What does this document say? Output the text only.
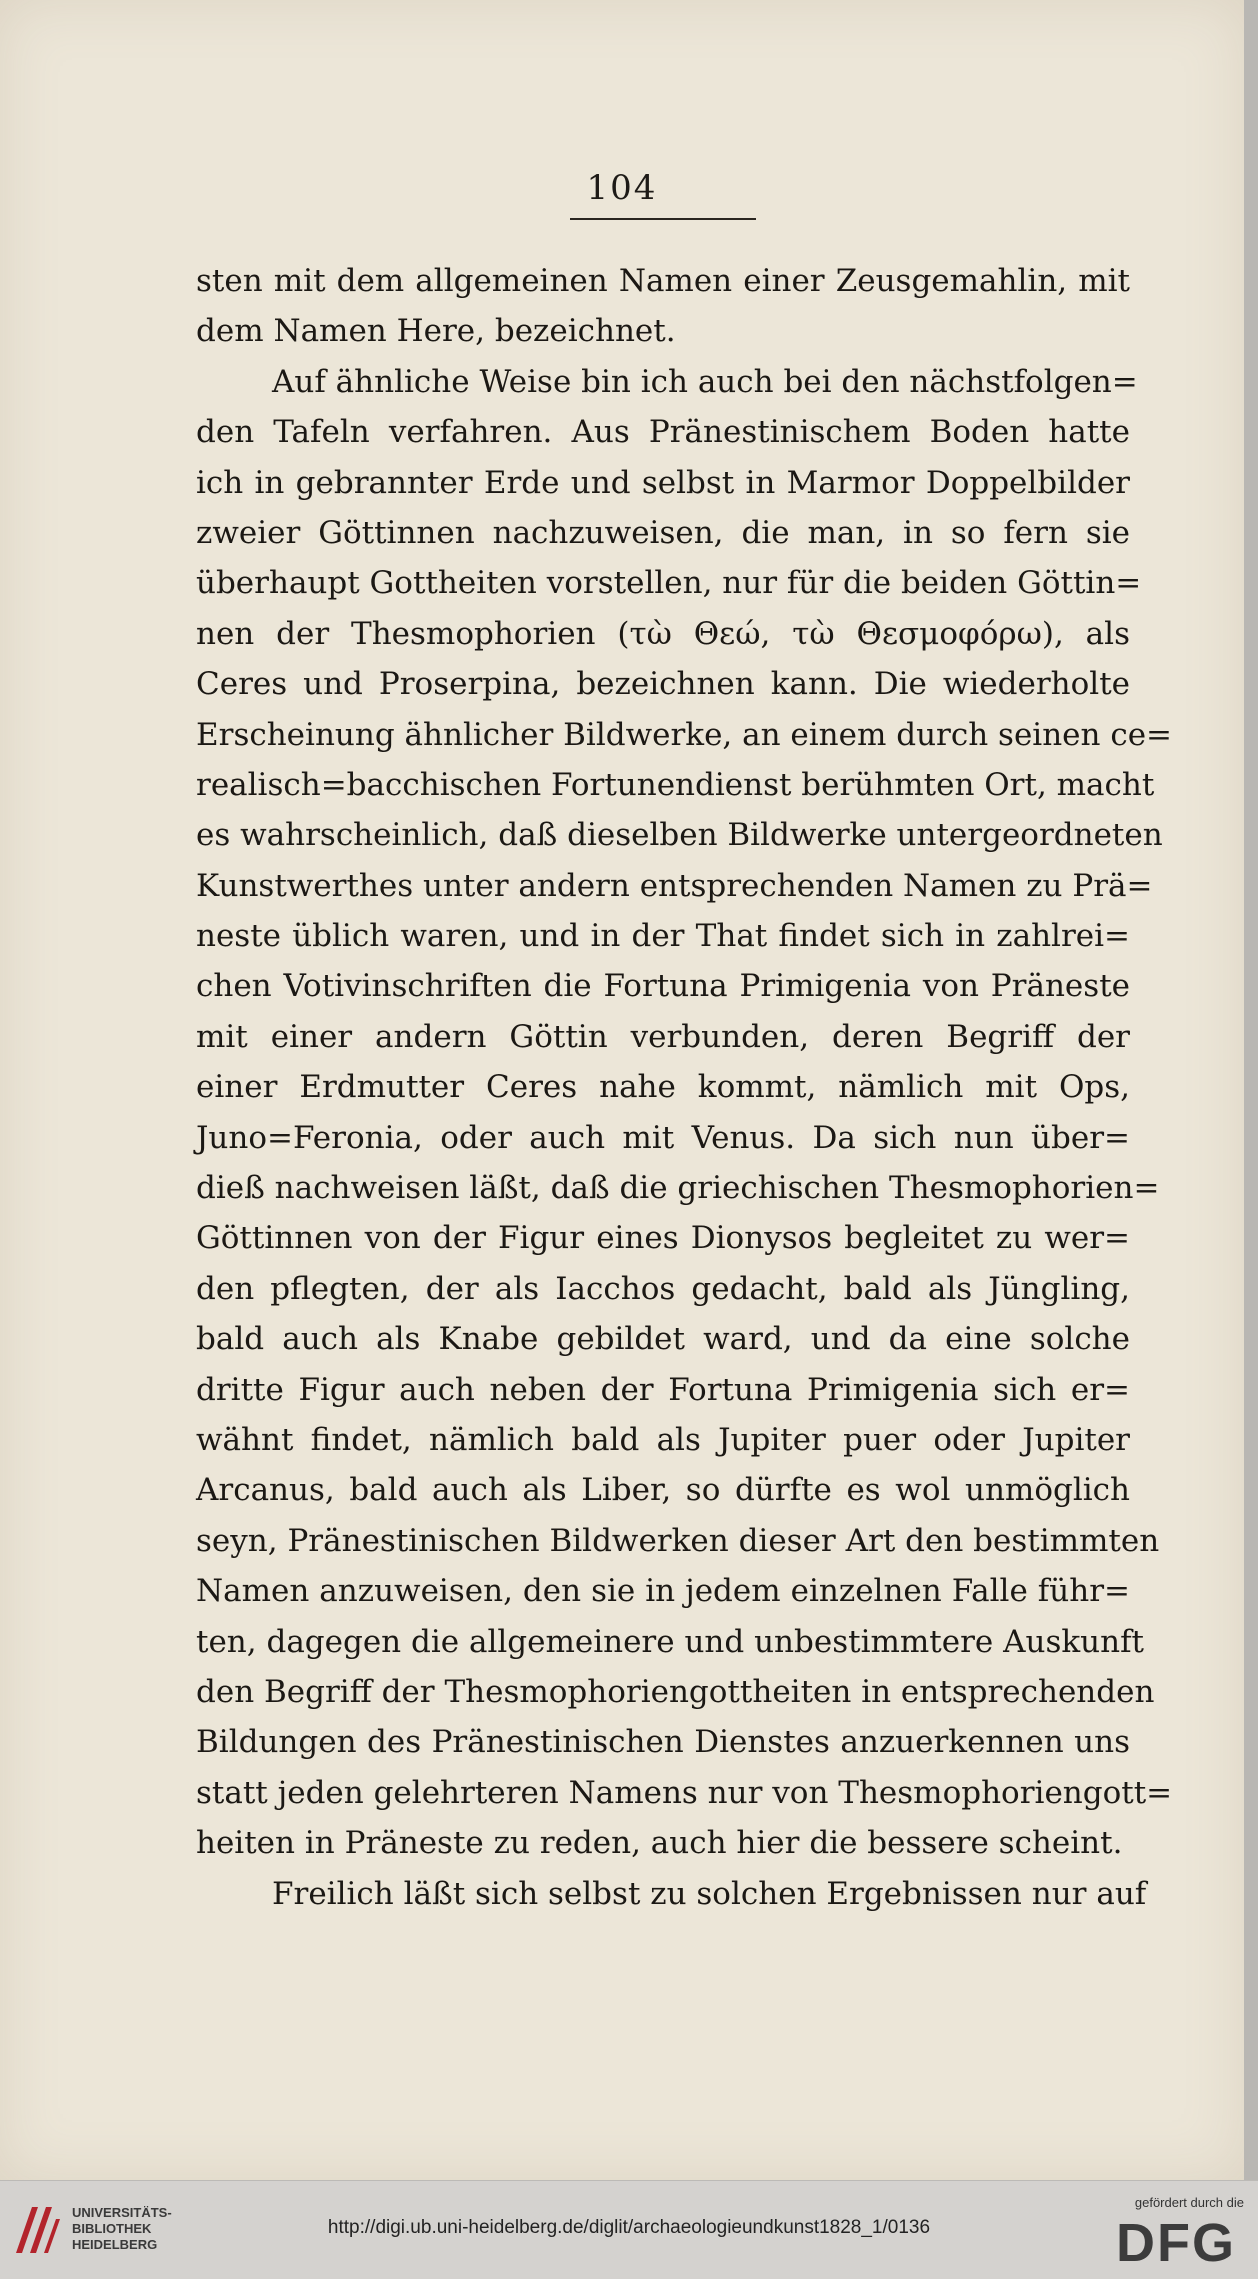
104
sten mit dem allgemeinen Namen einer Zeusgemahlin, mit
dem Namen Here, bezeichnet.
Auf ähnliche Weise bin ich auch bei den nächstfolgen=
den Tafeln verfahren. Aus Pränestinischem Boden hatte
ich in gebrannter Erde und selbst in Marmor Doppelbilder
zweier Göttinnen nachzuweisen, die man, in so fern sie
überhaupt Gottheiten vorstellen, nur für die beiden Göttin=
nen der Thesmophorien (τὼ Θεώ, τὼ Θεσμοφόρω), als
Ceres und Proserpina, bezeichnen kann. Die wiederholte
Erscheinung ähnlicher Bildwerke, an einem durch seinen ce=
realisch=bacchischen Fortunendienst berühmten Ort, macht
es wahrscheinlich, daß dieselben Bildwerke untergeordneten
Kunstwerthes unter andern entsprechenden Namen zu Prä=
neste üblich waren, und in der That findet sich in zahlrei=
chen Votivinschriften die Fortuna Primigenia von Pränestе
mit einer andern Göttin verbunden, deren Begriff der
einer Erdmutter Ceres nahe kommt, nämlich mit Ops,
Juno=Feronia, oder auch mit Venus. Da sich nun über=
dieß nachweisen läßt, daß die griechischen Thesmophorien=
Göttinnen von der Figur eines Dionysos begleitet zu wer=
den pflegten, der als Iacchos gedacht, bald als Jüngling,
bald auch als Knabe gebildet ward, und da eine solche
dritte Figur auch neben der Fortuna Primigenia sich er=
wähnt findet, nämlich bald als Jupiter puer oder Jupiter
Arcanus, bald auch als Liber, so dürfte es wol unmöglich
seyn, Pränestinischen Bildwerken dieser Art den bestimmten
Namen anzuweisen, den sie in jedem einzelnen Falle führ=
ten, dagegen die allgemeinere und unbestimmtere Auskunft
den Begriff der Thesmophoriengottheiten in entsprechenden
Bildungen des Pränestinischen Dienstes anzuerkennen uns
statt jeden gelehrteren Namens nur von Thesmophoriengott=
heiten in Pränestе zu reden, auch hier die bessere scheint.
Freilich läßt sich selbst zu solchen Ergebnissen nur auf
UNIVERSITÄTS-
BIBLIOTHEK
HEIDELBERG
http://digi.ub.uni-heidelberg.de/diglit/archaeologieundkunst1828_1/0136
gefördert durch die
DFG
